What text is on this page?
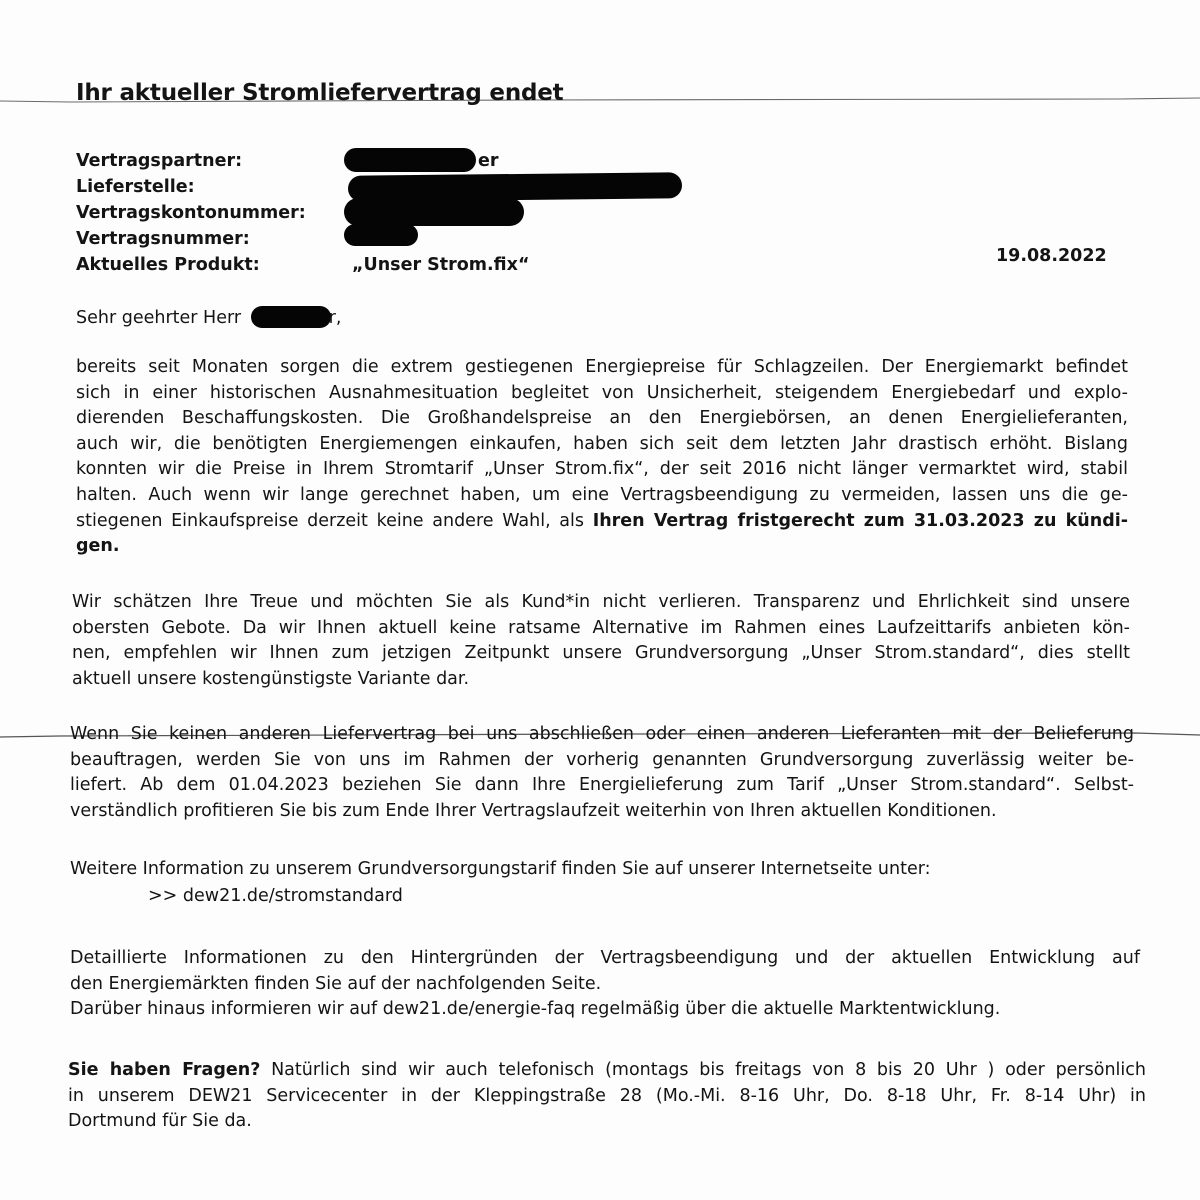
Ihr aktueller Stromliefervertrag endet
Vertragspartner:	er
Lieferstelle:
Vertragskontonummer:
Vertragsnummer:
Aktuelles Produkt:	„Unser Strom.fix“	19.08.2022
Sehr geehrter Herr	r,
bereits seit Monaten sorgen die extrem gestiegenen Energiepreise für Schlagzeilen. Der Energiemarkt befindet
sich in einer historischen Ausnahmesituation begleitet von Unsicherheit, steigendem Energiebedarf und explo-
dierenden Beschaffungskosten. Die Großhandelspreise an den Energiebörsen, an denen Energielieferanten,
auch wir, die benötigten Energiemengen einkaufen, haben sich seit dem letzten Jahr drastisch erhöht. Bislang
konnten wir die Preise in Ihrem Stromtarif „Unser Strom.fix“, der seit 2016 nicht länger vermarktet wird, stabil
halten. Auch wenn wir lange gerechnet haben, um eine Vertragsbeendigung zu vermeiden, lassen uns die ge-
stiegenen Einkaufspreise derzeit keine andere Wahl, als Ihren Vertrag fristgerecht zum 31.03.2023 zu kündi-
gen.
Wir schätzen Ihre Treue und möchten Sie als Kund*in nicht verlieren. Transparenz und Ehrlichkeit sind unsere
obersten Gebote. Da wir Ihnen aktuell keine ratsame Alternative im Rahmen eines Laufzeittarifs anbieten kön-
nen, empfehlen wir Ihnen zum jetzigen Zeitpunkt unsere Grundversorgung „Unser Strom.standard“, dies stellt
aktuell unsere kostengünstigste Variante dar.
Wenn Sie keinen anderen Liefervertrag bei uns abschließen oder einen anderen Lieferanten mit der Belieferung
beauftragen, werden Sie von uns im Rahmen der vorherig genannten Grundversorgung zuverlässig weiter be-
liefert. Ab dem 01.04.2023 beziehen Sie dann Ihre Energielieferung zum Tarif „Unser Strom.standard“. Selbst-
verständlich profitieren Sie bis zum Ende Ihrer Vertragslaufzeit weiterhin von Ihren aktuellen Konditionen.
Weitere Information zu unserem Grundversorgungstarif finden Sie auf unserer Internetseite unter:
>> dew21.de/stromstandard
Detaillierte Informationen zu den Hintergründen der Vertragsbeendigung und der aktuellen Entwicklung auf
den Energiemärkten finden Sie auf der nachfolgenden Seite.
Darüber hinaus informieren wir auf dew21.de/energie-faq regelmäßig über die aktuelle Marktentwicklung.
Sie haben Fragen? Natürlich sind wir auch telefonisch (montags bis freitags von 8 bis 20 Uhr ) oder persönlich
in unserem DEW21 Servicecenter in der Kleppingstraße 28 (Mo.-Mi. 8-16 Uhr, Do. 8-18 Uhr, Fr. 8-14 Uhr) in
Dortmund für Sie da.
